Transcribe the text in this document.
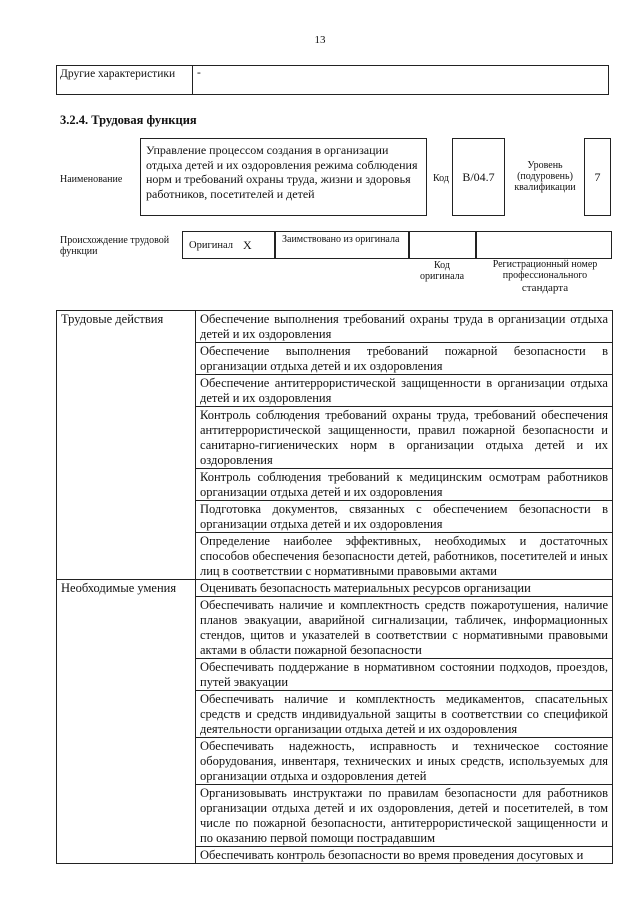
13
Другие характеристики	-
3.2.4. Трудовая функция
Наименование
Управление процессом создания в организации отдыха детей и их оздоровления режима соблюдения норм и требований охраны труда, жизни и здоровья работников, посетителей и детей
Код	B/04.7
Уровень (подуровень) квалификации
7
Происхождение трудовой функции
Оригинал X	Заимствовано из оригинала
Код оригинала
Регистрационный номер
профессионального
стандарта
Трудовые действия	Обеспечение выполнения требований охраны труда в организации отдыха детей и их оздоровления
	Обеспечение выполнения требований пожарной безопасности в организации отдыха детей и их оздоровления
	Обеспечение антитеррористической защищенности в организации отдыха детей и их оздоровления
	Контроль соблюдения требований охраны труда, требований обеспечения антитеррористической защищенности, правил пожарной безопасности и санитарно-гигиенических норм в организации отдыха детей и их оздоровления
	Контроль соблюдения требований к медицинским осмотрам работников организации отдыха детей и их оздоровления
	Подготовка документов, связанных с обеспечением безопасности в организации отдыха детей и их оздоровления
	Определение наиболее эффективных, необходимых и достаточных способов обеспечения безопасности детей, работников, посетителей и иных лиц в соответствии с нормативными правовыми актами
Необходимые умения	Оценивать безопасность материальных ресурсов организации
	Обеспечивать наличие и комплектность средств пожаротушения, наличие планов эвакуации, аварийной сигнализации, табличек, информационных стендов, щитов и указателей в соответствии с нормативными правовыми актами в области пожарной безопасности
	Обеспечивать поддержание в нормативном состоянии подходов, проездов, путей эвакуации
	Обеспечивать наличие и комплектность медикаментов, спасательных средств и средств индивидуальной защиты в соответствии со спецификой деятельности организации отдыха детей и их оздоровления
	Обеспечивать надежность, исправность и техническое состояние оборудования, инвентаря, технических и иных средств, используемых для организации отдыха и оздоровления детей
	Организовывать инструктажи по правилам безопасности для работников организации отдыха детей и их оздоровления, детей и посетителей, в том числе по пожарной безопасности, антитеррористической защищенности и по оказанию первой помощи пострадавшим

	Обеспечивать контроль безопасности во время проведения досуговых и
